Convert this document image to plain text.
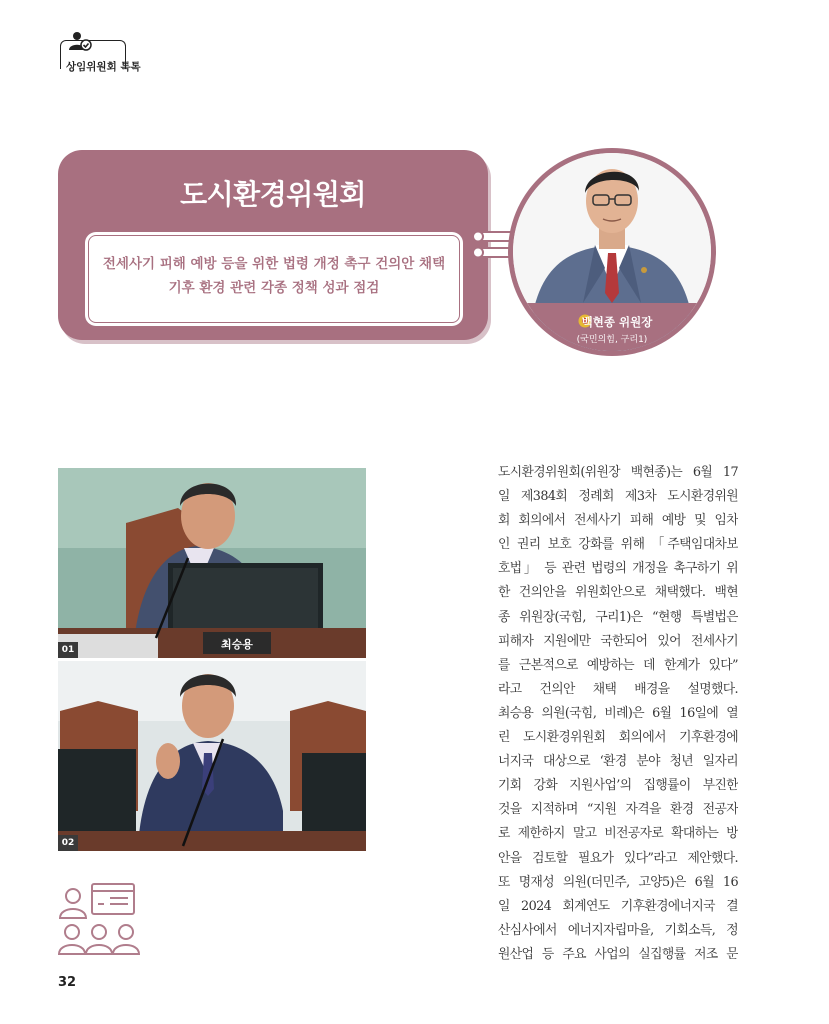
상임위원회 톡톡
도시환경위원회
전세사기 피해 예방 등을 위한 법령 개정 촉구 건의안 채택
기후 환경 관련 각종 정책 성과 점검
백현종 위원장
(국민의힘, 구리1)
최승용
01
02
도시환경위원회(위원장 백현종)는 6월 17
일 제384회 정례회 제3차 도시환경위원
회 회의에서 전세사기 피해 예방 및 임차
인 권리 보호 강화를 위해 「주택임대차보
호법」 등 관련 법령의 개정을 촉구하기 위
한 건의안을 위원회안으로 채택했다. 백현
종 위원장(국힘, 구리1)은 “현행 특별법은
피해자 지원에만 국한되어 있어 전세사기
를 근본적으로 예방하는 데 한계가 있다”
라고 건의안 채택 배경을 설명했다.
최승용 의원(국힘, 비례)은 6월 16일에 열
린 도시환경위원회 회의에서 기후환경에
너지국 대상으로 ‘환경 분야 청년 일자리
기회 강화 지원사업’의 집행률이 부진한
것을 지적하며 “지원 자격을 환경 전공자
로 제한하지 말고 비전공자로 확대하는 방
안을 검토할 필요가 있다”라고 제안했다.
또 명재성 의원(더민주, 고양5)은 6월 16
일 2024 회계연도 기후환경에너지국 결
산심사에서 에너지자립마을, 기회소득, 정
원산업 등 주요 사업의 실집행률 저조 문
32
